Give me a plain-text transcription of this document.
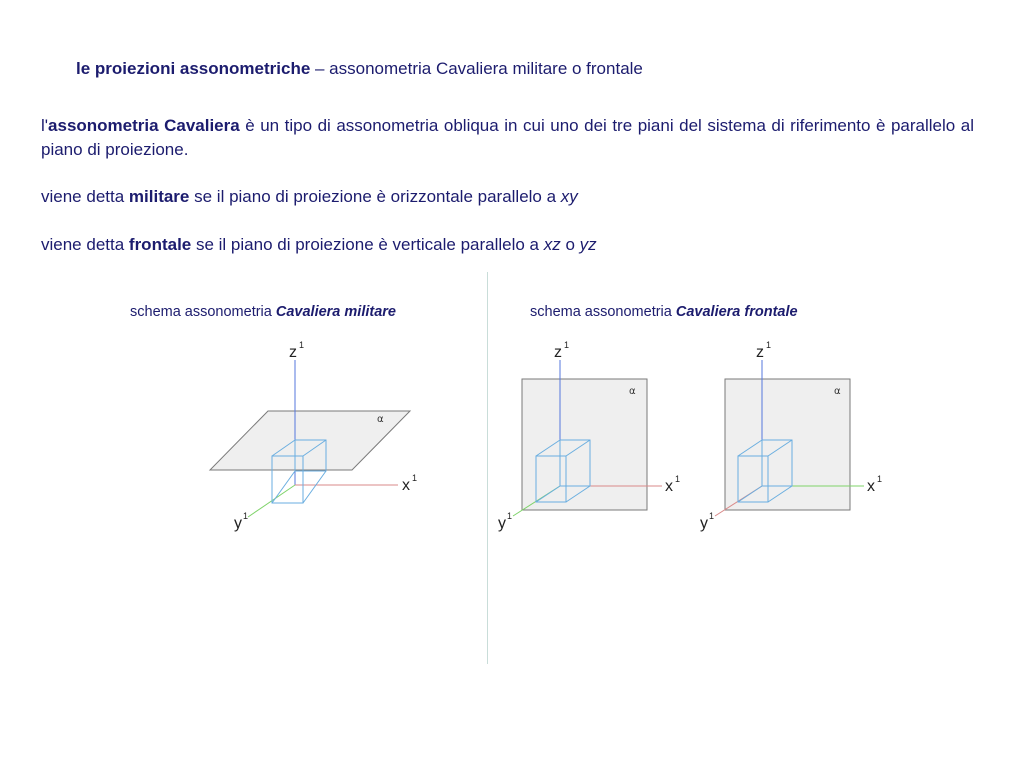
le proiezioni assonometriche – assonometria Cavaliera militare o frontale
l'assonometria Cavaliera è un tipo di assonometria obliqua in cui uno dei tre piani del sistema di riferimento è parallelo al piano di proiezione.
viene detta militare se il piano di proiezione è orizzontale parallelo a xy
viene detta frontale se il piano di proiezione è verticale parallelo a xz o yz
schema assonometria Cavaliera militare	schema assonometria Cavaliera frontale
α
z 1
x 1
y 1
α
z 1
x 1
y 1
α
z 1
x 1
y 1
